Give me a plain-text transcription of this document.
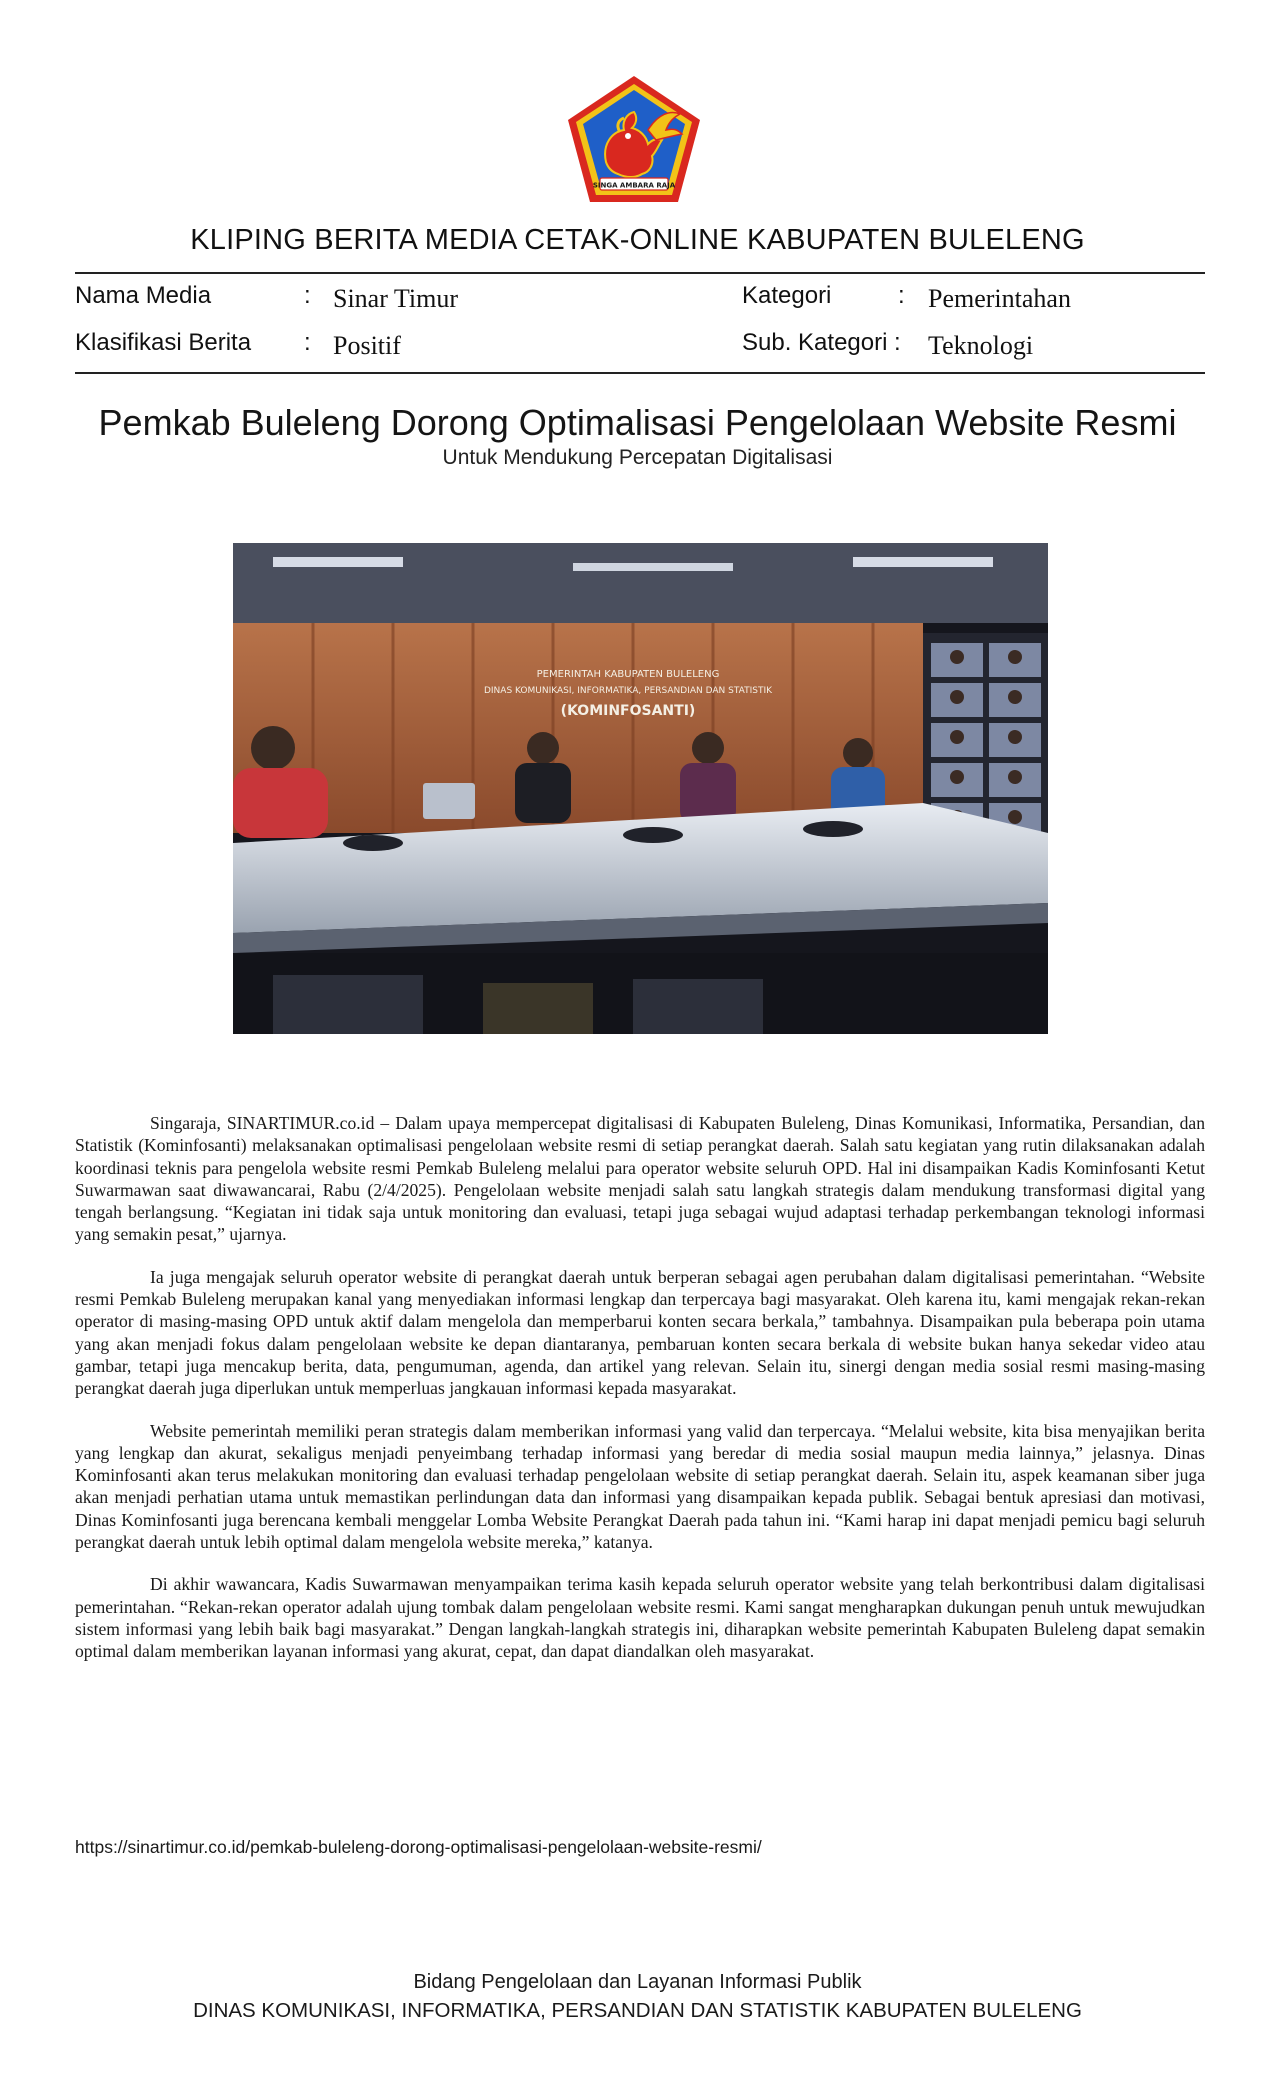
SINGA AMBARA RAJA
KLIPING BERITA MEDIA CETAK-ONLINE KABUPATEN BULELENG
Nama Media	: Sinar Timur
Klasifikasi Berita : Positif
Kategori	: Pemerintahan
Sub. Kategori : Teknologi
Pemkab Buleleng Dorong Optimalisasi Pengelolaan Website Resmi
Untuk Mendukung Percepatan Digitalisasi
PEMERINTAH KABUPATEN BULELENG
DINAS KOMUNIKASI, INFORMATIKA, PERSANDIAN DAN STATISTIK
(KOMINFOSANTI)

Singaraja, SINARTIMUR.co.id – Dalam upaya mempercepat digitalisasi di Kabupaten Buleleng, Dinas Komunikasi, Informatika, Persandian, dan Statistik (Kominfosanti) melaksanakan optimalisasi pengelolaan website resmi di setiap perangkat daerah. Salah satu kegiatan yang rutin dilaksanakan adalah koordinasi teknis para pengelola website resmi Pemkab Buleleng melalui para operator website seluruh OPD. Hal ini disampaikan Kadis Kominfosanti Ketut Suwarmawan saat diwawancarai, Rabu (2/4/2025). Pengelolaan website menjadi salah satu langkah strategis dalam mendukung transformasi digital yang tengah berlangsung. “Kegiatan ini tidak saja untuk monitoring dan evaluasi, tetapi juga sebagai wujud adaptasi terhadap perkembangan teknologi informasi yang semakin pesat,” ujarnya.

Ia juga mengajak seluruh operator website di perangkat daerah untuk berperan sebagai agen perubahan dalam digitalisasi pemerintahan. “Website resmi Pemkab Buleleng merupakan kanal yang menyediakan informasi lengkap dan terpercaya bagi masyarakat. Oleh karena itu, kami mengajak rekan-rekan operator di masing-masing OPD untuk aktif dalam mengelola dan memperbarui konten secara berkala,” tambahnya. Disampaikan pula beberapa poin utama yang akan menjadi fokus dalam pengelolaan website ke depan diantaranya, pembaruan konten secara berkala di website bukan hanya sekedar video atau gambar, tetapi juga mencakup berita, data, pengumuman, agenda, dan artikel yang relevan. Selain itu, sinergi dengan media sosial resmi masing-masing perangkat daerah juga diperlukan untuk memperluas jangkauan informasi kepada masyarakat.

Website pemerintah memiliki peran strategis dalam memberikan informasi yang valid dan terpercaya. “Melalui website, kita bisa menyajikan berita yang lengkap dan akurat, sekaligus menjadi penyeimbang terhadap informasi yang beredar di media sosial maupun media lainnya,” jelasnya. Dinas Kominfosanti akan terus melakukan monitoring dan evaluasi terhadap pengelolaan website di setiap perangkat daerah. Selain itu, aspek keamanan siber juga akan menjadi perhatian utama untuk memastikan perlindungan data dan informasi yang disampaikan kepada publik. Sebagai bentuk apresiasi dan motivasi, Dinas Kominfosanti juga berencana kembali menggelar Lomba Website Perangkat Daerah pada tahun ini. “Kami harap ini dapat menjadi pemicu bagi seluruh perangkat daerah untuk lebih optimal dalam mengelola website mereka,” katanya.

Di akhir wawancara, Kadis Suwarmawan menyampaikan terima kasih kepada seluruh operator website yang telah berkontribusi dalam digitalisasi pemerintahan. “Rekan-rekan operator adalah ujung tombak dalam pengelolaan website resmi. Kami sangat mengharapkan dukungan penuh untuk mewujudkan sistem informasi yang lebih baik bagi masyarakat.” Dengan langkah-langkah strategis ini, diharapkan website pemerintah Kabupaten Buleleng dapat semakin optimal dalam memberikan layanan informasi yang akurat, cepat, dan dapat diandalkan oleh masyarakat.

https://sinartimur.co.id/pemkab-buleleng-dorong-optimalisasi-pengelolaan-website-resmi/
Bidang Pengelolaan dan Layanan Informasi Publik
DINAS KOMUNIKASI, INFORMATIKA, PERSANDIAN DAN STATISTIK KABUPATEN BULELENG
